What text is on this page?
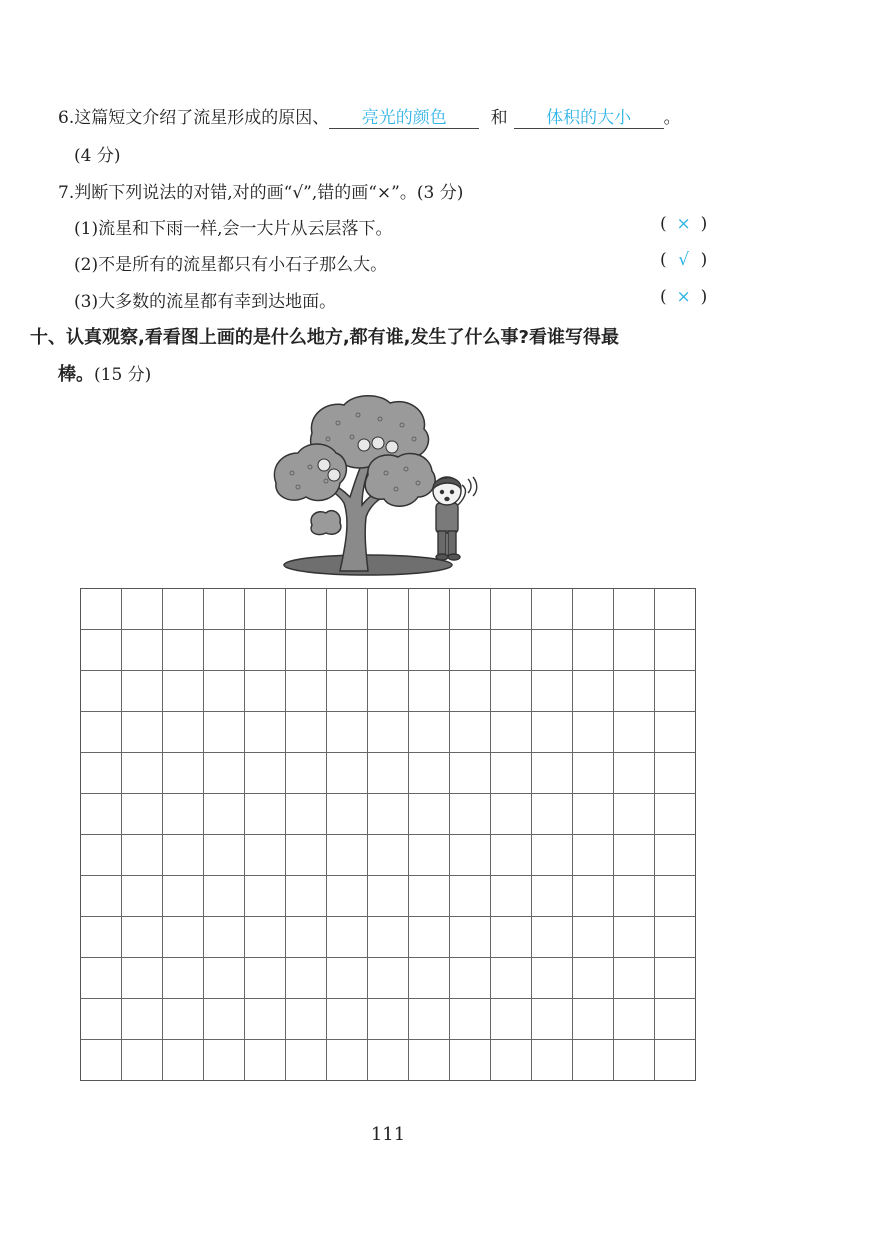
6.这篇短文介绍了流星形成的原因、 亮光的颜色	和 体积的大小 。
(4 分)
7.判断下列说法的对错,对的画“√”,错的画“×”。(3 分)
(1)流星和下雨一样,会一大片从云层落下。	( × )
(2)不是所有的流星都只有小石子那么大。	( √ )
(3)大多数的流星都有幸到达地面。	( × )
十、认真观察,看看图上画的是什么地方,都有谁,发生了什么事?看谁写得最
棒。(15 分)
111
